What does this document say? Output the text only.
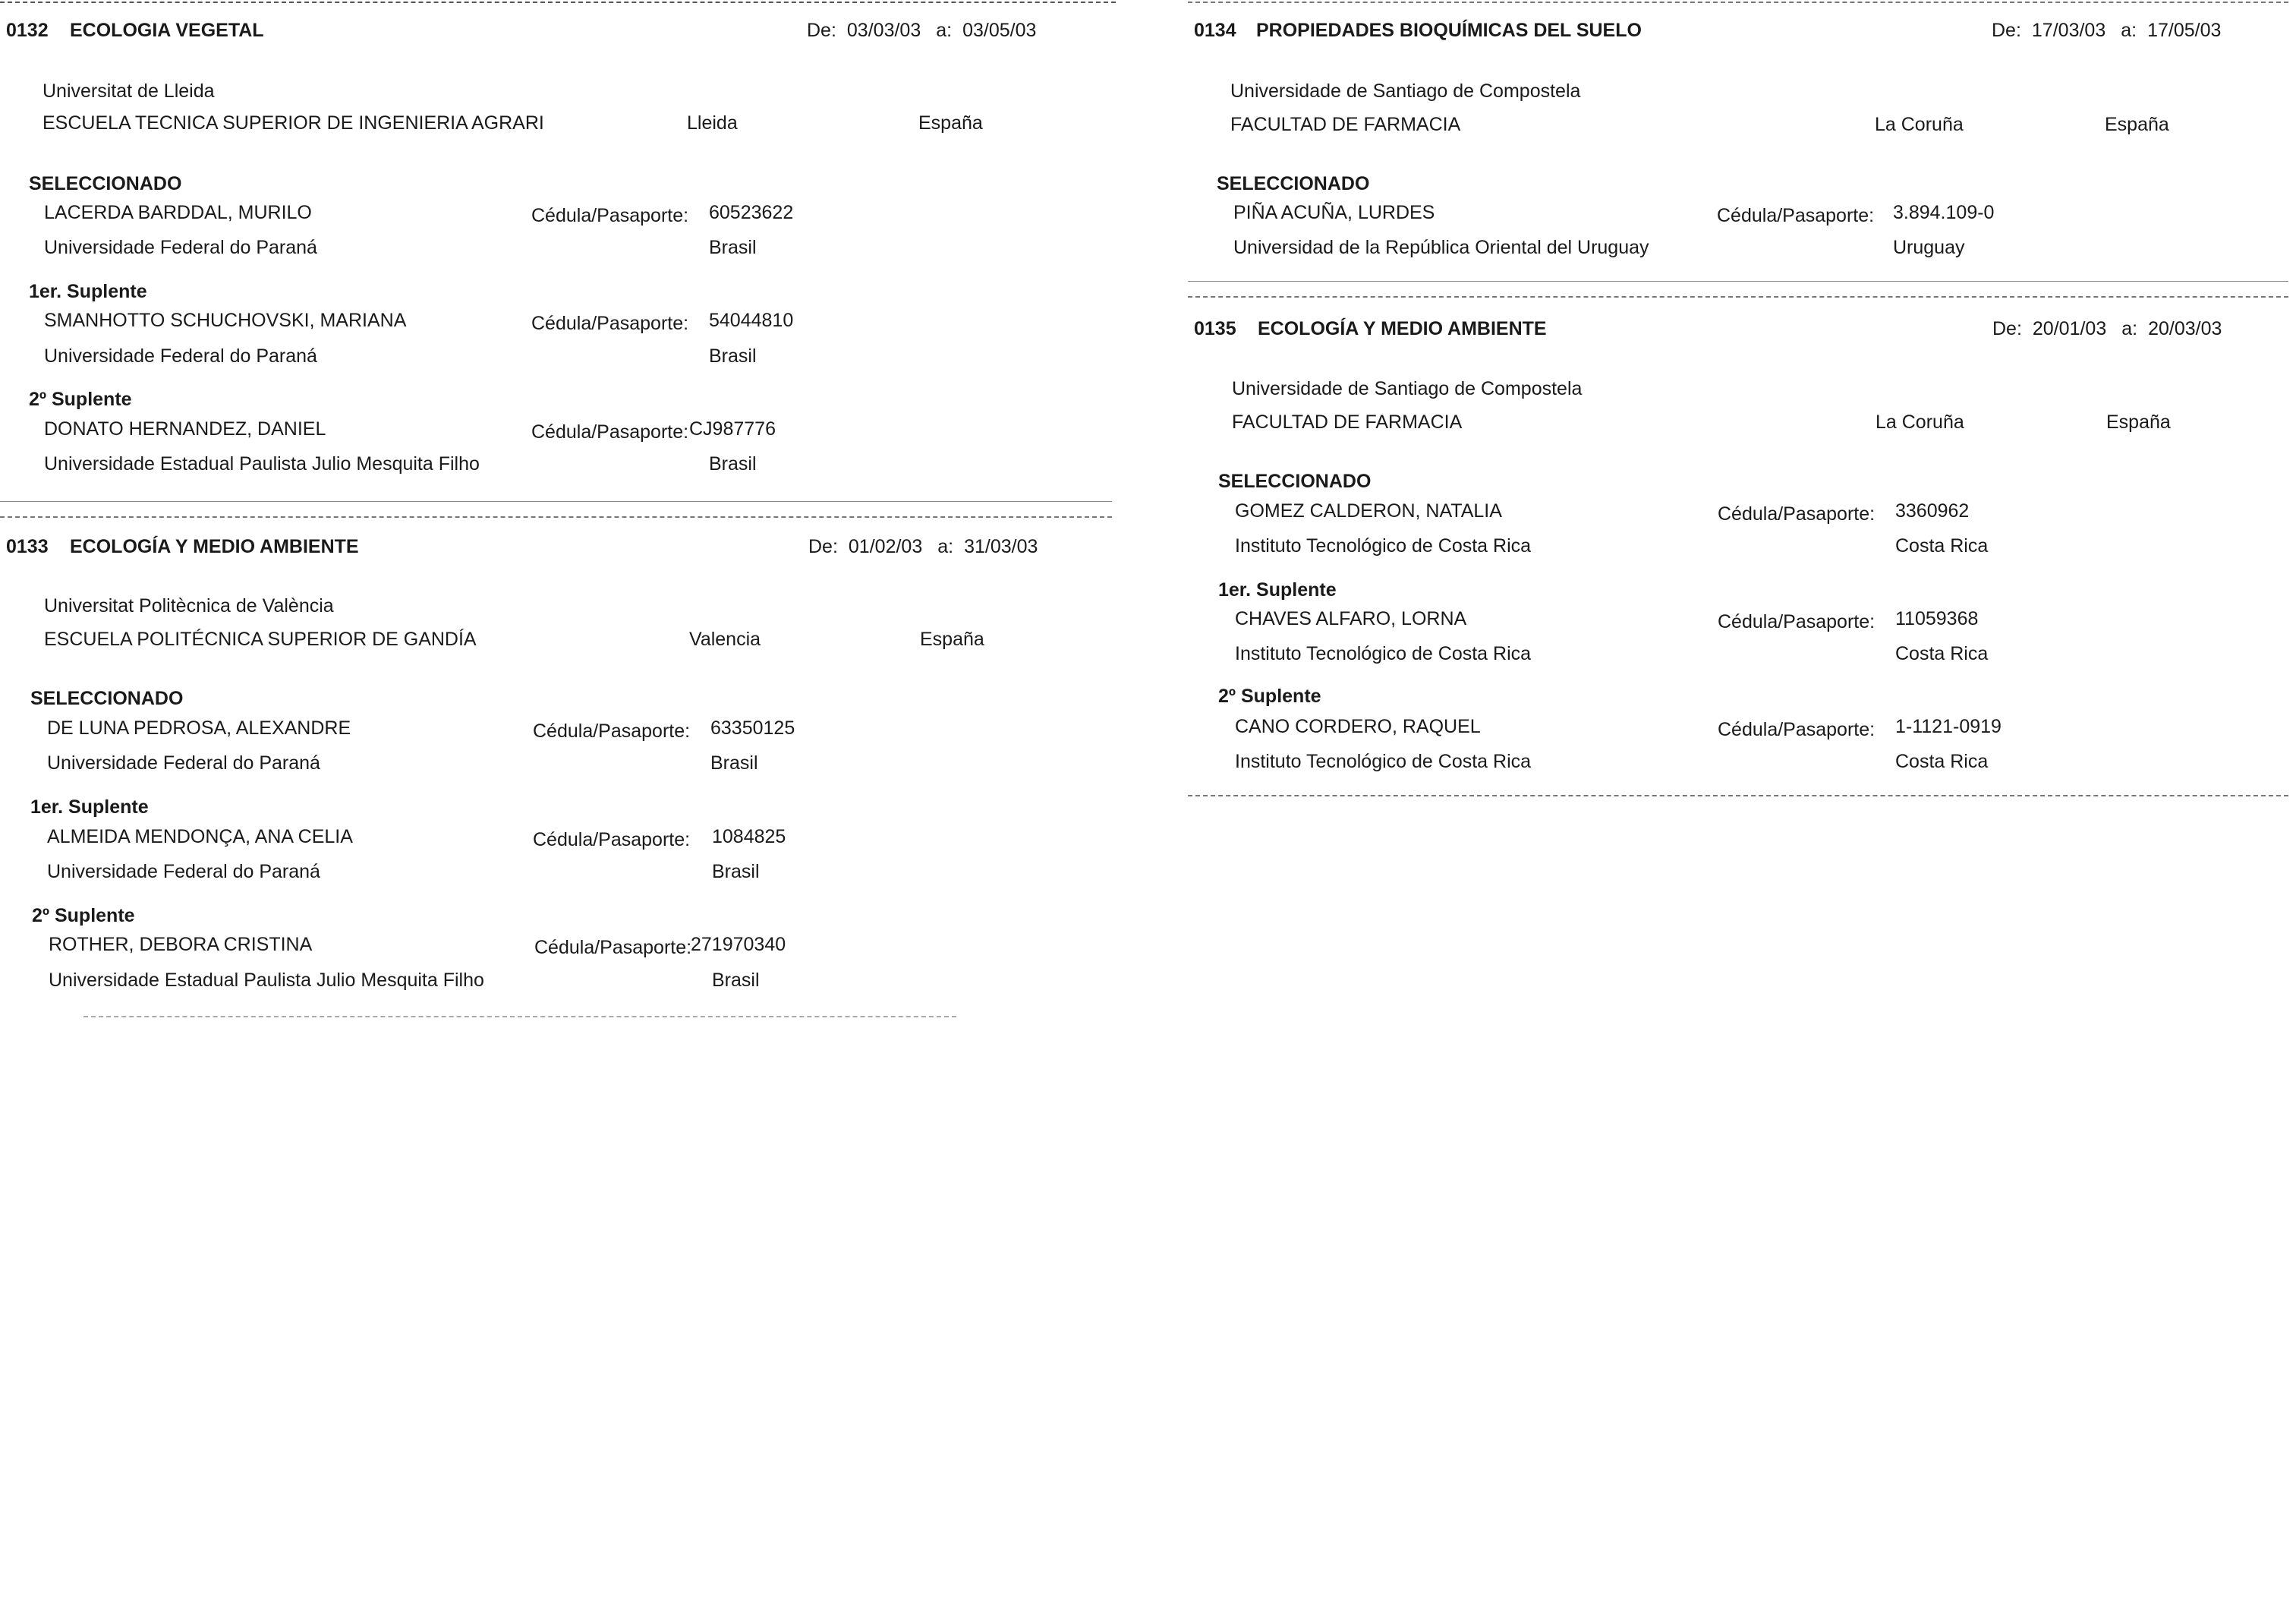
0132 ECOLOGIA VEGETAL	De: 03/03/03 a: 03/05/03
Universitat de Lleida
ESCUELA TECNICA SUPERIOR DE INGENIERIA AGRARI	Lleida	España
SELECCIONADO
LACERDA BARDDAL, MURILO	Cédula/Pasaporte: 60523622
Universidade Federal do Paraná	Brasil
1er. Suplente
SMANHOTTO SCHUCHOVSKI, MARIANA	Cédula/Pasaporte: 54044810
Universidade Federal do Paraná	Brasil
2º Suplente
DONATO HERNANDEZ, DANIEL	Cédula/Pasaporte: CJ987776
Universidade Estadual Paulista Julio Mesquita Filho	Brasil
0133 ECOLOGÍA Y MEDIO AMBIENTE	De: 01/02/03 a: 31/03/03
Universitat Politècnica de València
ESCUELA POLITÉCNICA SUPERIOR DE GANDÍA	Valencia	España
SELECCIONADO
DE LUNA PEDROSA, ALEXANDRE	Cédula/Pasaporte: 63350125
Universidade Federal do Paraná	Brasil
1er. Suplente
ALMEIDA MENDONÇA, ANA CELIA	Cédula/Pasaporte: 1084825
Universidade Federal do Paraná	Brasil
2º Suplente
ROTHER, DEBORA CRISTINA	Cédula/Pasaporte:
271970340
Universidade Estadual Paulista Julio Mesquita Filho	Brasil
0134 PROPIEDADES BIOQUÍMICAS DEL SUELO	De: 17/03/03 a: 17/05/03
Universidade de Santiago de Compostela
FACULTAD DE FARMACIA	La Coruña	España
SELECCIONADO
PIÑA ACUÑA, LURDES	Cédula/Pasaporte: 3.894.109-0
Universidad de la República Oriental del Uruguay	Uruguay
0135 ECOLOGÍA Y MEDIO AMBIENTE	De: 20/01/03 a: 20/03/03
Universidade de Santiago de Compostela
FACULTAD DE FARMACIA	La Coruña	España
SELECCIONADO
GOMEZ CALDERON, NATALIA	Cédula/Pasaporte: 3360962
Instituto Tecnológico de Costa Rica	Costa Rica
1er. Suplente
CHAVES ALFARO, LORNA	Cédula/Pasaporte: 11059368
Instituto Tecnológico de Costa Rica	Costa Rica
2º Suplente
CANO CORDERO, RAQUEL	Cédula/Pasaporte: 1-1121-0919
Instituto Tecnológico de Costa Rica	Costa Rica
